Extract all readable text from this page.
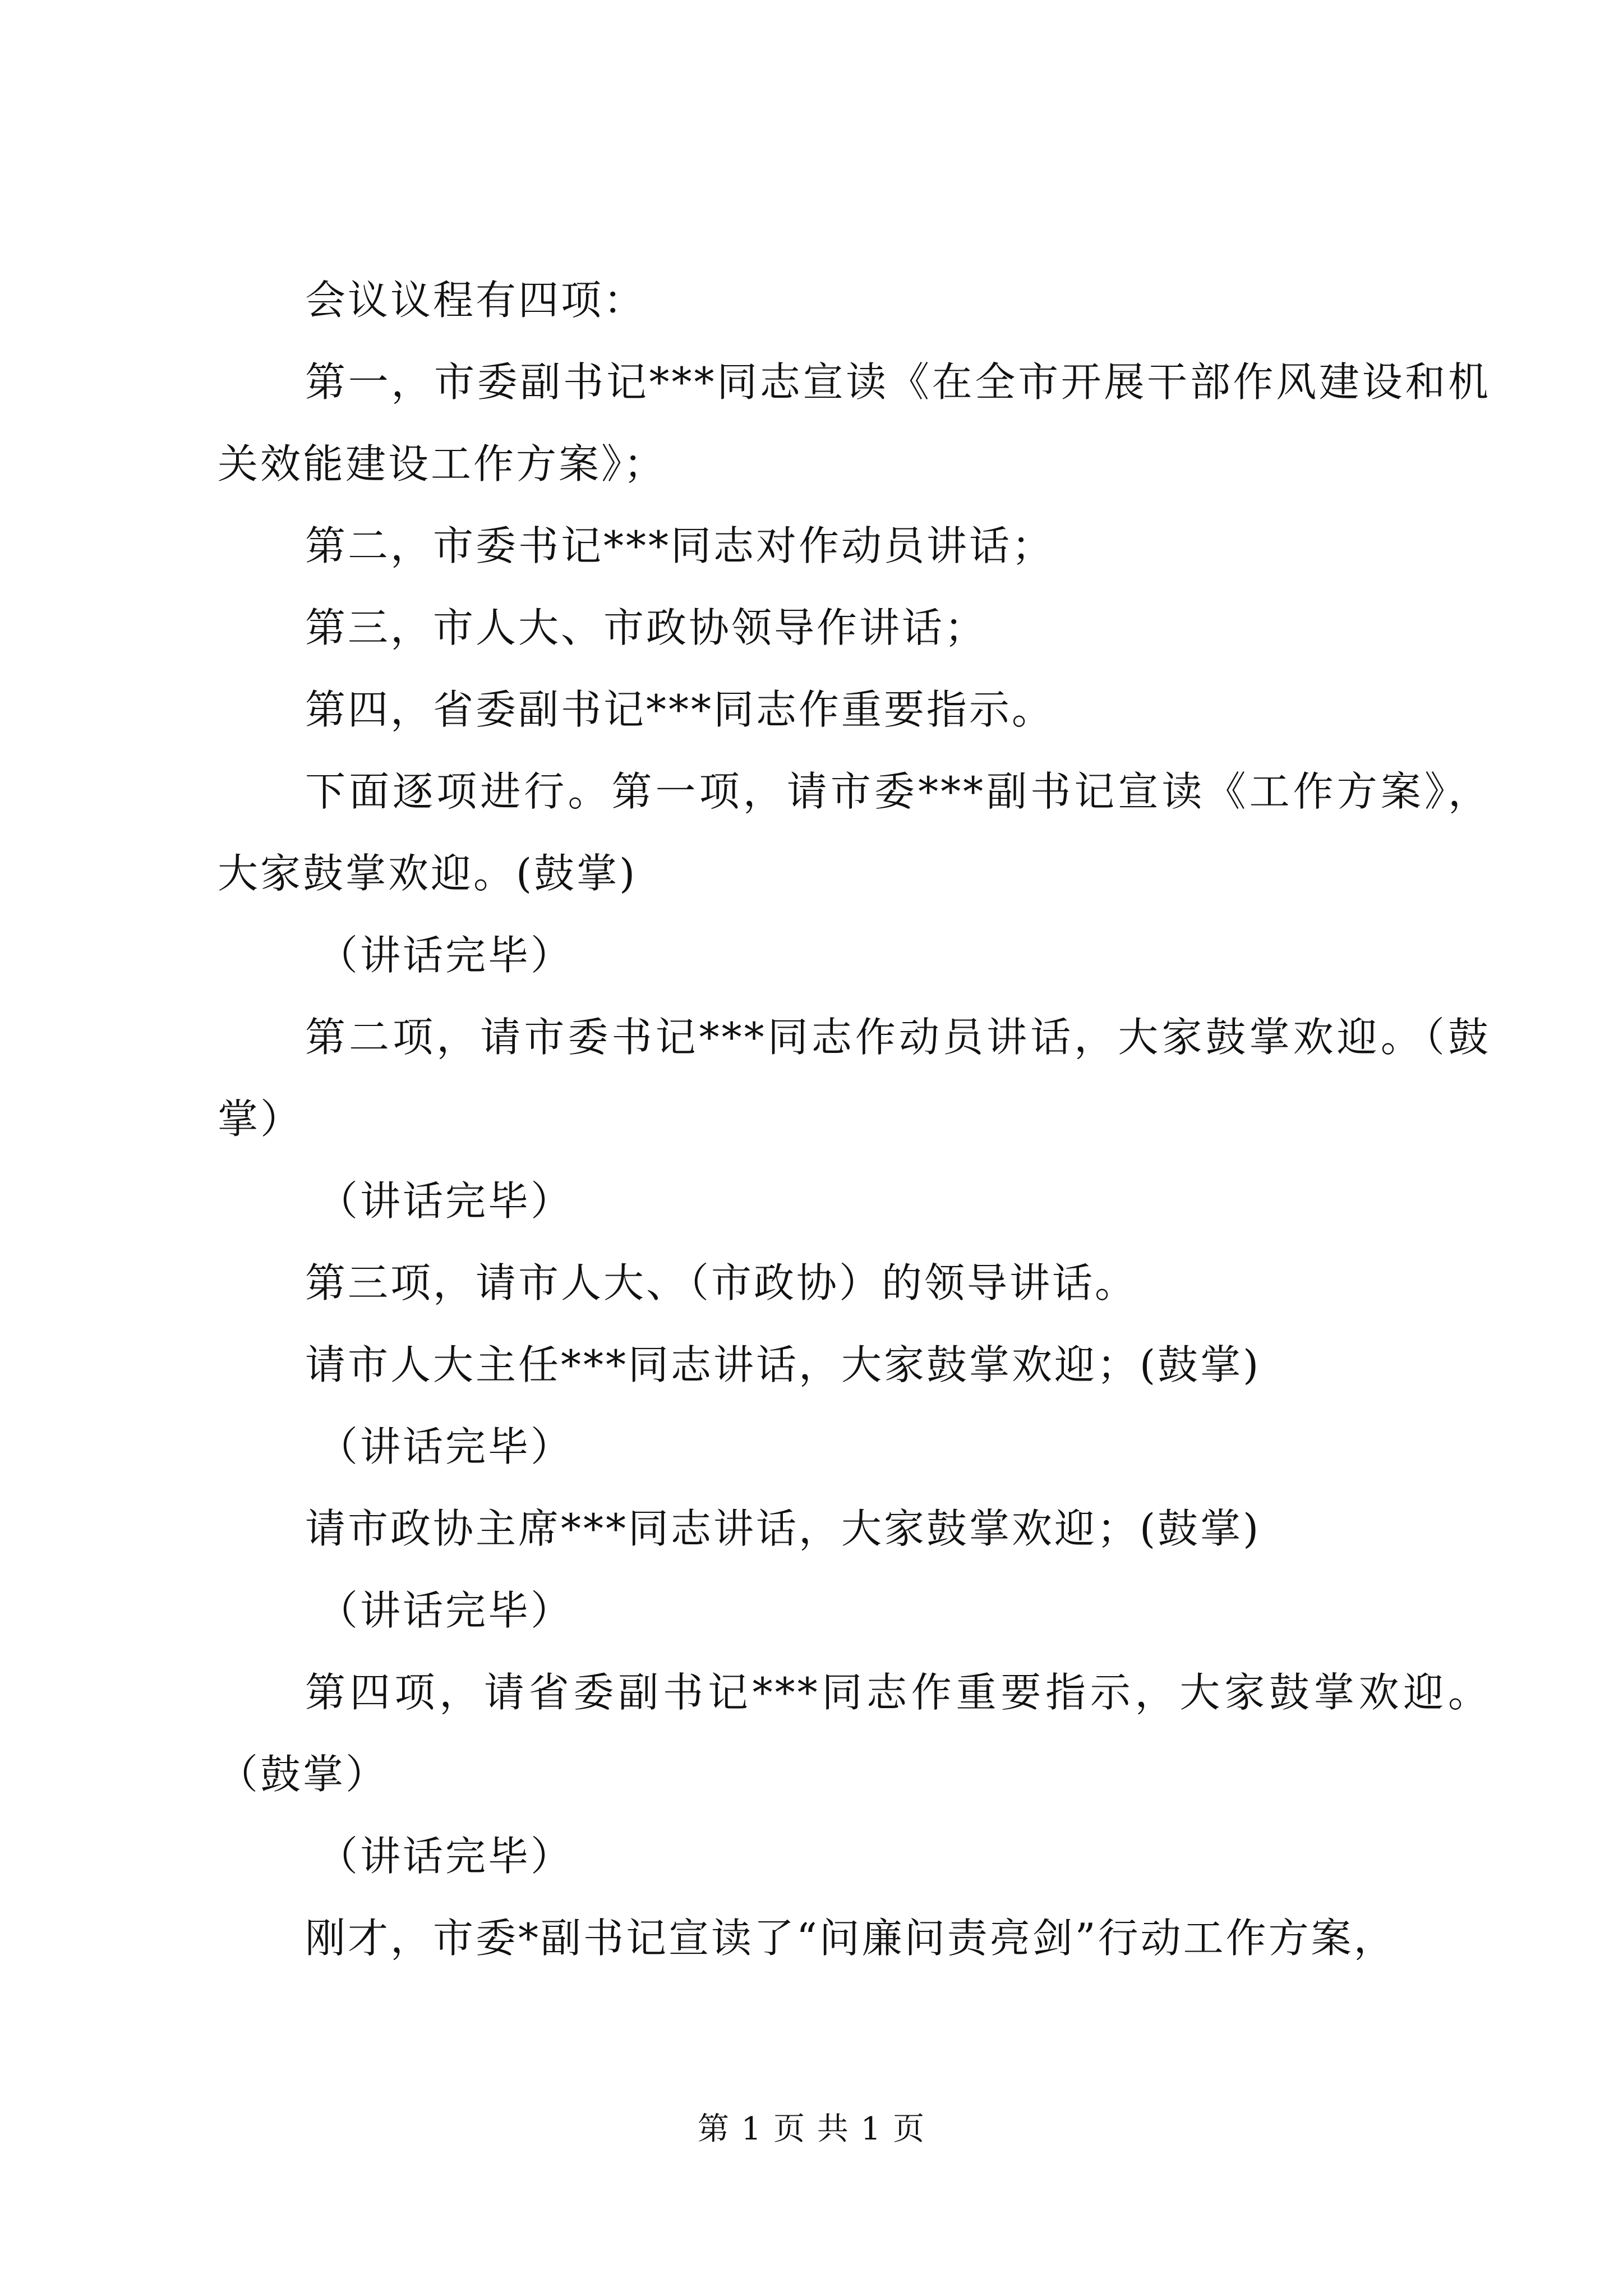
会议议程有四项：

第一，市委副书记***同志宣读《在全市开展干部作风建设和机关效能建设工作方案》；

第二，市委书记***同志对作动员讲话；

第三，市人大、市政协领导作讲话；

第四，省委副书记***同志作重要指示。

下面逐项进行。第一项，请市委***副书记宣读《工作方案》，大家鼓掌欢迎。(鼓掌)

（讲话完毕）

第二项，请市委书记***同志作动员讲话，大家鼓掌欢迎。（鼓掌）

（讲话完毕）

第三项，请市人大、（市政协）的领导讲话。

请市人大主任***同志讲话，大家鼓掌欢迎；(鼓掌)

（讲话完毕）

请市政协主席***同志讲话，大家鼓掌欢迎；(鼓掌)

（讲话完毕）

第四项，请省委副书记***同志作重要指示，大家鼓掌欢迎。（鼓掌）

（讲话完毕）

刚才，市委*副书记宣读了“问廉问责亮剑”行动工作方案，

第 1 页 共 1 页
